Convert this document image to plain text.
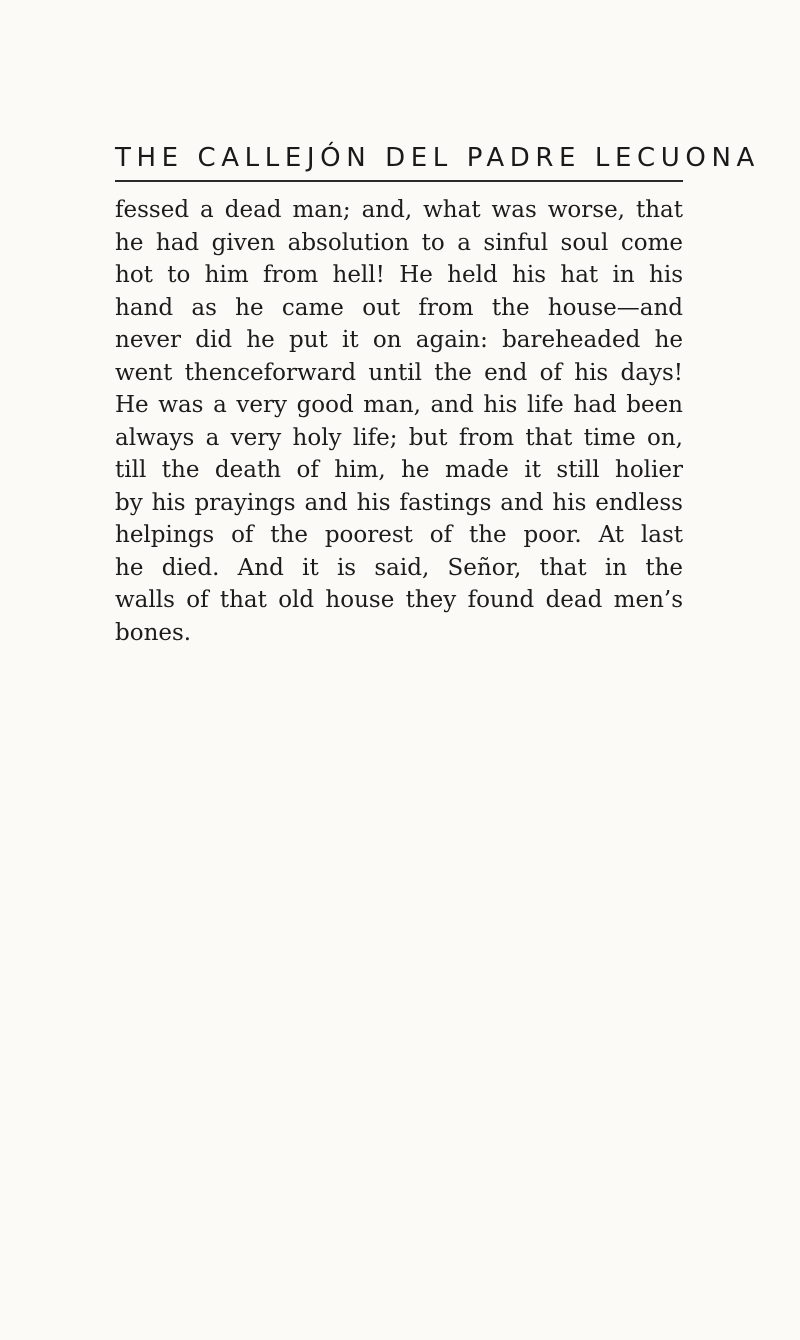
THE CALLEJÓN DEL PADRE LECUONA
fessed a dead man; and, what was worse, that
he had given absolution to a sinful soul come
hot to him from hell! He held his hat in his
hand as he came out from the house—and
never did he put it on again: bareheaded he
went thenceforward until the end of his days!
He was a very good man, and his life had been
always a very holy life; but from that time on,
till the death of him, he made it still holier
by his prayings and his fastings and his endless
helpings of the poorest of the poor. At last
he died. And it is said, Señor, that in the
walls of that old house they found dead men’s
bones.
